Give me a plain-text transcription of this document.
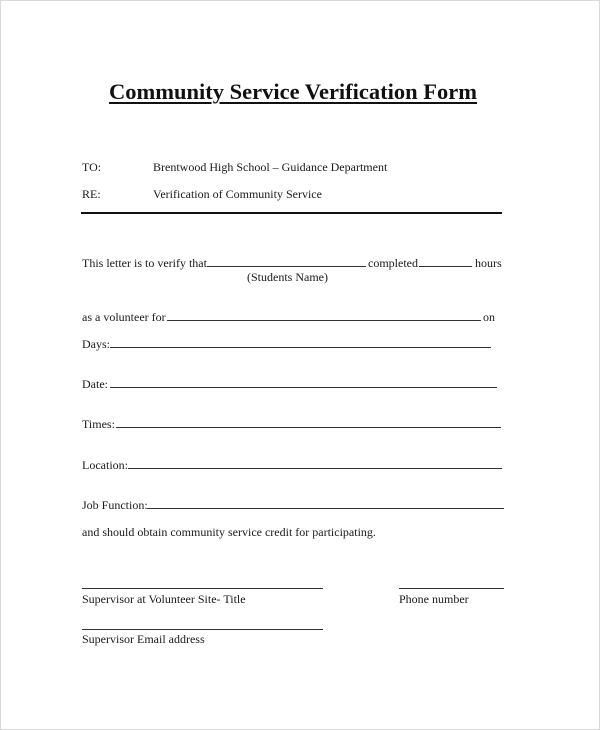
Community Service Verification Form
TO:	Brentwood High School – Guidance Department
RE:	Verification of Community Service
This letter is to verify that	completed	hours
(Students Name)
as a volunteer for	on
Days:
Date:
Times:
Location:
Job Function:
and should obtain community service credit for participating.
Supervisor at Volunteer Site- Title	Phone number
Supervisor Email address
